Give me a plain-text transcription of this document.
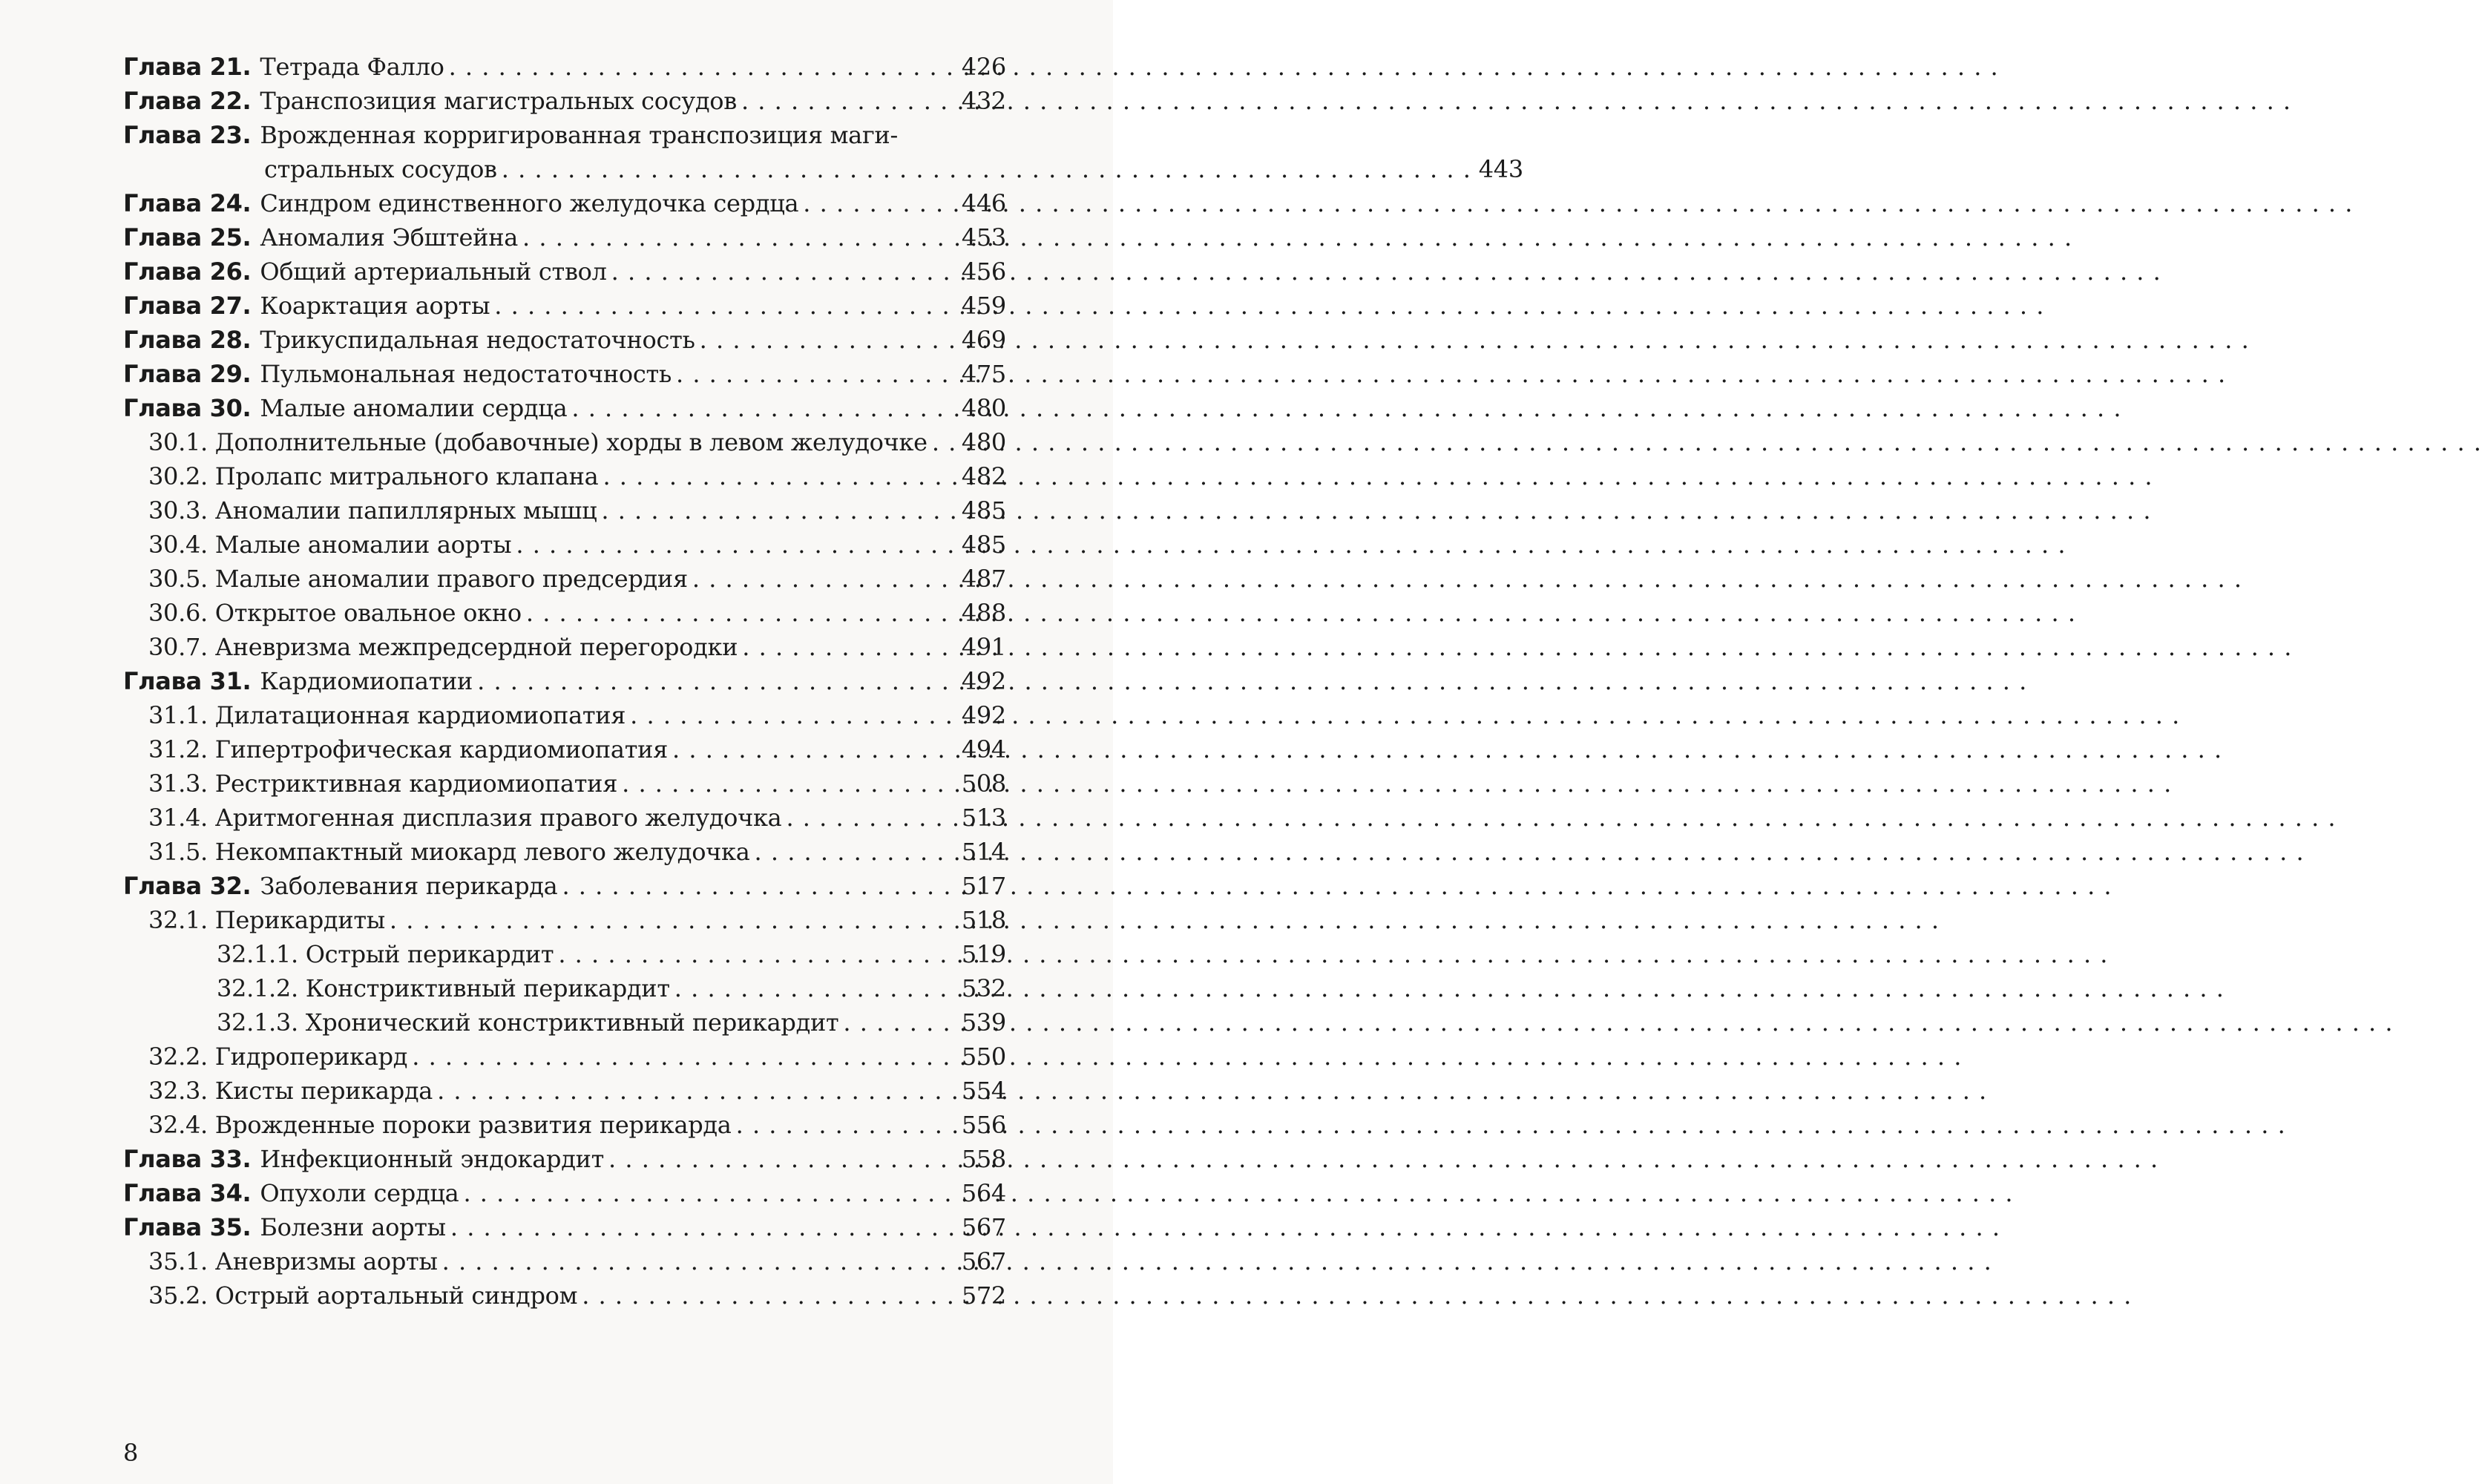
Глава 21. Тетрада Фалло . . .	426
Глава 22. Транспозиция магистральных сосудов . . .	432
Глава 23. Врожденная корригированная транспозиция маги-
стральных сосудов . . .	443
Глава 24. Синдром единственного желудочка сердца . . .	446
Глава 25. Аномалия Эбштейна . . .	453
Глава 26. Общий артериальный ствол . . .	456
Глава 27. Коарктация аорты . . .	459
Глава 28. Трикуспидальная недостаточность . . .	469
Глава 29. Пульмональная недостаточность . . .	475
Глава 30. Малые аномалии сердца . . .	480
30.1. Дополнительные (добавочные) хорды в левом желудочке . . . 480
30.2. Пролапс митрального клапана . . .	482
30.3. Аномалии папиллярных мышц . . .	485
30.4. Малые аномалии аорты . . .	485
30.5. Малые аномалии правого предсердия . . .	487
30.6. Открытое овальное окно . . .	488
30.7. Аневризма межпредсердной перегородки . . .	491
Глава 31. Кардиомиопатии . . .	492
31.1. Дилатационная кардиомиопатия . . .	492
31.2. Гипертрофическая кардиомиопатия . . .	494
31.3. Рестриктивная кардиомиопатия . . .	508
31.4. Аритмогенная дисплазия правого желудочка . . .	513
31.5. Некомпактный миокард левого желудочка . . .	514
Глава 32. Заболевания перикарда . . .	517
32.1. Перикардиты . . .	518
32.1.1. Острый перикардит . . .	519
32.1.2. Констриктивный перикардит . . .	532
32.1.3. Хронический констриктивный перикардит . . .	539
32.2. Гидроперикард . . .	550
32.3. Кисты перикарда . . .	554
32.4. Врожденные пороки развития перикарда . . .	556
Глава 33. Инфекционный эндокардит . . .	558
Глава 34. Опухоли сердца . . .	564
Глава 35. Болезни аорты . . .	567
35.1. Аневризмы аорты . . .	567
35.2. Острый аортальный синдром . . .	572
8
